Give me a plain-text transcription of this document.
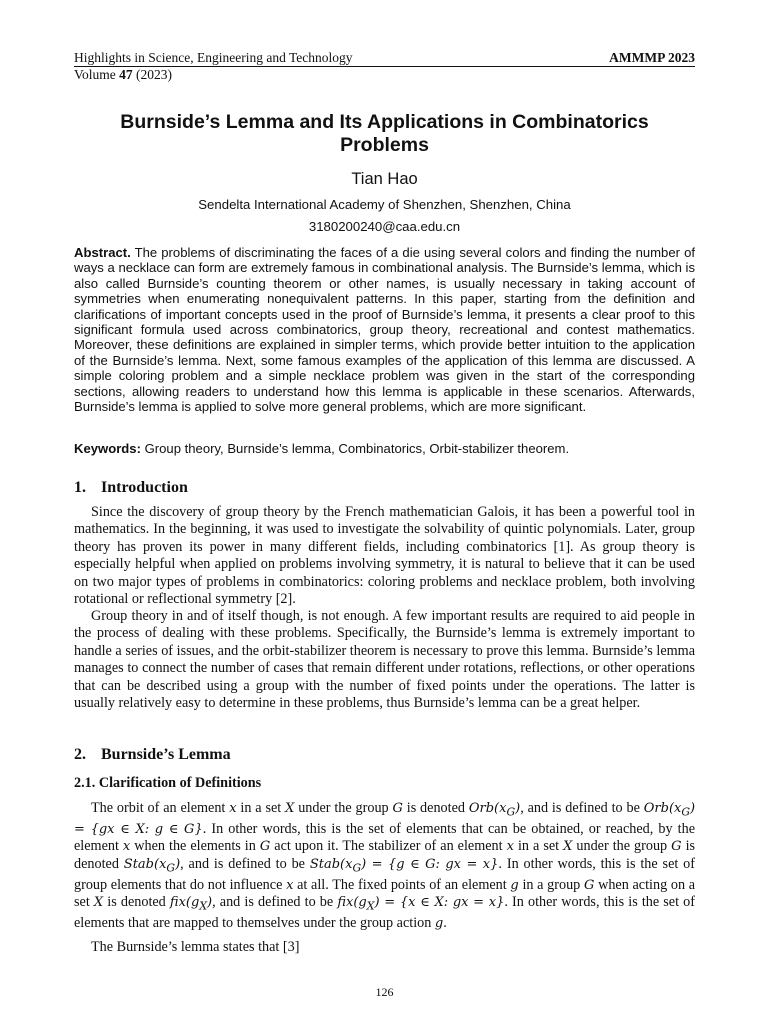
Highlights in Science, Engineering and Technology	AMMMP 2023
Volume 47 (2023)
Burnside’s Lemma and Its Applications in Combinatorics Problems
Tian Hao
Sendelta International Academy of Shenzhen, Shenzhen, China
3180200240@caa.edu.cn

Abstract. The problems of discriminating the faces of a die using several colors and finding the number of ways a necklace can form are extremely famous in combinational analysis. The Burnside’s lemma, which is also called Burnside’s counting theorem or other names, is usually necessary in taking account of symmetries when enumerating nonequivalent patterns. In this paper, starting from the definition and clarifications of important concepts used in the proof of Burnside’s lemma, it presents a clear proof to this significant formula used across combinatorics, group theory, recreational and contest mathematics. Moreover, these definitions are explained in simpler terms, which provide better intuition to the application of the Burnside’s lemma. Next, some famous examples of the application of this lemma are discussed. A simple coloring problem and a simple necklace problem was given in the start of the corresponding sections, allowing readers to understand how this lemma is applicable in these scenarios. Afterwards, Burnside’s lemma is applied to solve more general problems, which are more significant.

Keywords: Group theory, Burnside’s lemma, Combinatorics, Orbit-stabilizer theorem.

1. Introduction

Since the discovery of group theory by the French mathematician Galois, it has been a powerful tool in mathematics. In the beginning, it was used to investigate the solvability of quintic polynomials. Later, group theory has proven its power in many different fields, including combinatorics [1]. As group theory is especially helpful when applied on problems involving symmetry, it is natural to believe that it can be used on two major types of problems in combinatorics: coloring problems and necklace problem, both involving rotational or reflectional symmetry [2].

Group theory in and of itself though, is not enough. A few important results are required to aid people in the process of dealing with these problems. Specifically, the Burnside’s lemma is extremely important to handle a series of issues, and the orbit-stabilizer theorem is necessary to prove this lemma. Burnside’s lemma manages to connect the number of cases that remain different under rotations, reflections, or other operations that can be described using a group with the number of fixed points under the operations. The latter is usually relatively easy to determine in these problems, thus Burnside’s lemma can be a great helper.

2. Burnside’s Lemma
2.1. Clarification of Definitions

The orbit of an element x in a set X under the group G is denoted $Orb(x_G)$, and is defined to be $Orb(x_G) = \{gx$ ∈ X: g ∈ G}. In other words, this is the set of elements that can be obtained, or reached, by the element x when the elements in G act upon it. The stabilizer of an element x in a set X under the group G is denoted $Stab(x_G)$, and is defined to be $Stab(x_G) = \{g$ ∈ G: gx = x}. In other words, this is the set of group elements that do not influence x at all. The fixed points of an element g in a group G when acting on a set X is denoted $fix(g_X)$, and is defined to be $fix(g_X) = \{x$ ∈ X: gx = x}. In other words, this is the set of elements that are mapped to themselves under the group action g.

The Burnside’s lemma states that [3]

126
